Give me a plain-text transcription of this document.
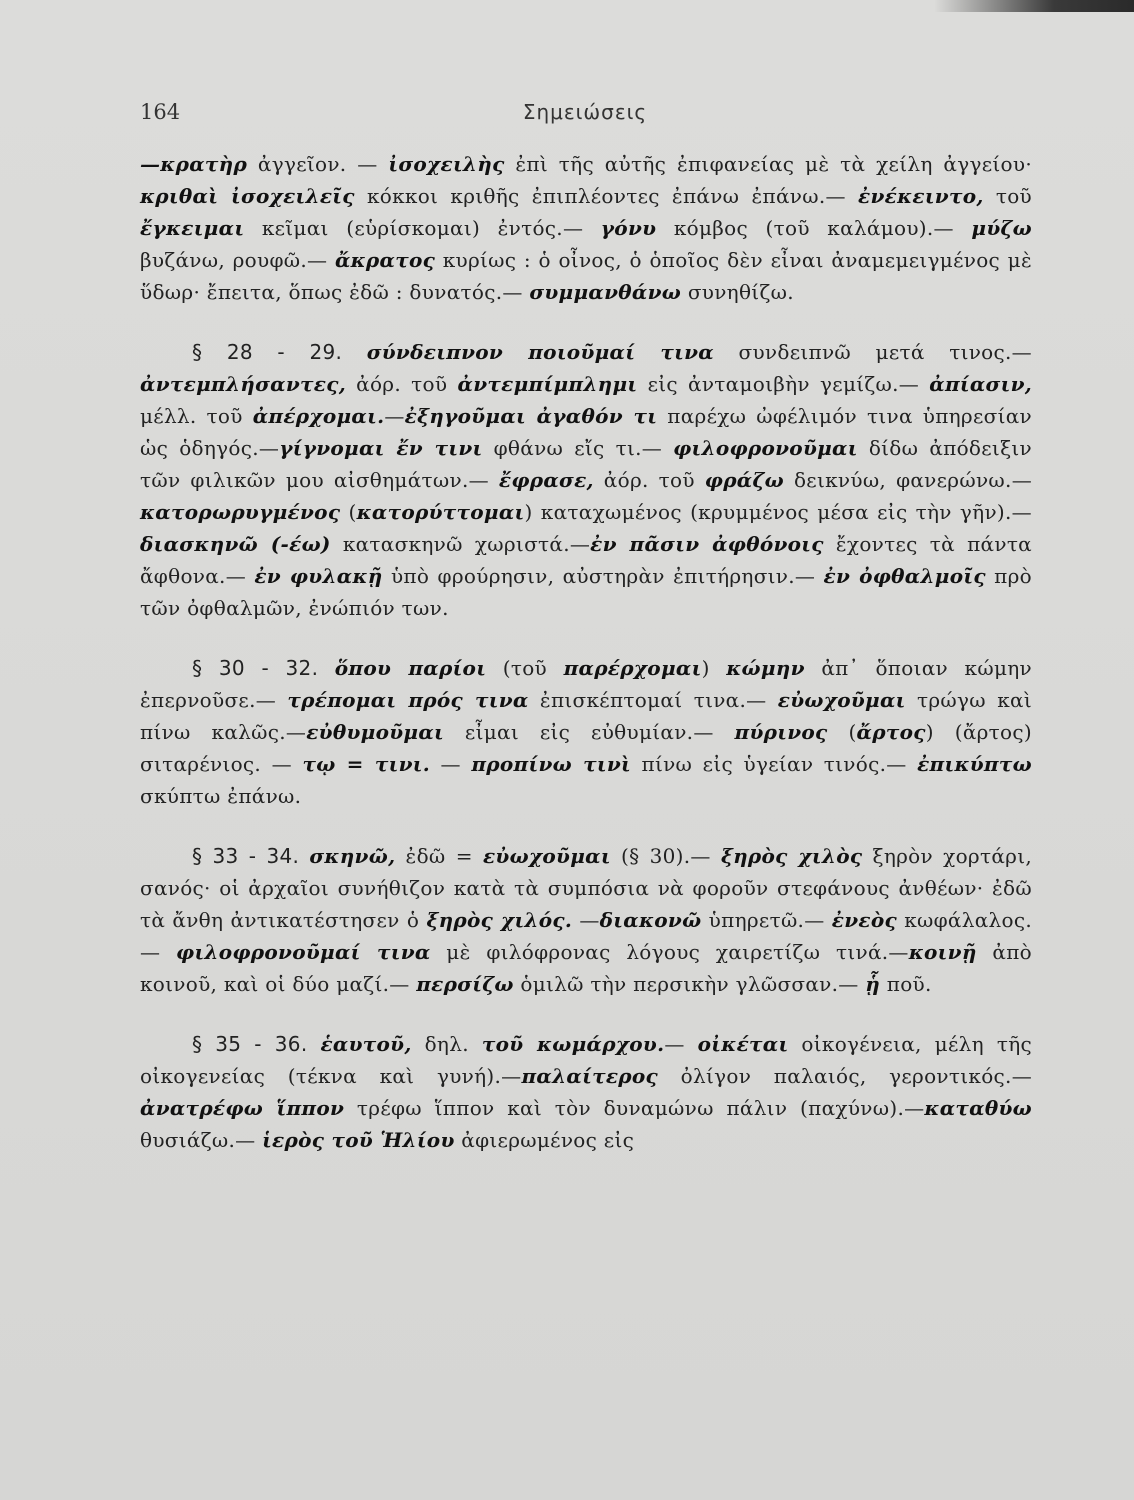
164	Σημειώσεις

—κρατὴρ ἀγγεῖον. — ἰσοχειλὴς ἐπὶ τῆς αὐτῆς ἐπιφανείας μὲ τὰ χείλη ἀγγείου· κριθαὶ ἰσοχειλεῖς κόκκοι κριθῆς ἐπιπλέοντες ἐπάνω ἐπάνω.— ἐνέκειντο, τοῦ ἔγκειμαι κεῖμαι (εὑρίσκομαι) ἐντός.— γόνυ κόμβος (τοῦ καλάμου).— μύζω βυζάνω, ρουφῶ.— ἄκρατος κυρίως : ὁ οἶνος, ὁ ὁποῖος δὲν εἶναι ἀναμεμειγμένος μὲ ὕδωρ· ἔπειτα, ὅπως ἐδῶ : δυνατός.— συμμανθάνω συνηθίζω.

§ 28 - 29. σύνδειπνον ποιοῦμαί τινα συνδειπνῶ μετά τινος.— ἀντεμπλήσαντες, ἀόρ. τοῦ ἀντεμπίμπλημι εἰς ἀνταμοιβὴν γεμίζω.— ἀπίασιν, μέλλ. τοῦ ἀπέρχομαι.—ἐξηγοῦμαι ἀγαθόν τι παρέχω ὠφέλιμόν τινα ὑπηρεσίαν ὡς ὁδηγός.—γίγνομαι ἔν τινι φθάνω εἴς τι.— φιλοφρονοῦμαι δίδω ἀπόδειξιν τῶν φιλικῶν μου αἰσθημάτων.— ἔφρασε, ἀόρ. τοῦ φράζω δεικνύω, φανερώνω.— κατορωρυγμένος (κατορύττομαι) καταχωμένος (κρυμμένος μέσα εἰς τὴν γῆν).—διασκηνῶ (-έω) κατασκηνῶ χωριστά.—ἐν πᾶσιν ἀφθόνοις ἔχοντες τὰ πάντα ἄφθονα.— ἐν φυλακῇ ὑπὸ φρούρησιν, αὐστηρὰν ἐπιτήρησιν.— ἐν ὀφθαλμοῖς πρὸ τῶν ὀφθαλμῶν, ἐνώπιόν των.

§ 30 - 32. ὅπου παρίοι (τοῦ παρέρχομαι) κώμην ἀπ᾿ ὅποιαν κώμην ἐπερνοῦσε.— τρέπομαι πρός τινα ἐπισκέπτομαί τινα.— εὐωχοῦμαι τρώγω καὶ πίνω καλῶς.—εὐθυμοῦμαι εἶμαι εἰς εὐθυμίαν.— πύρινος (ἄρτος) (ἄρτος) σιταρένιος. — τῳ = τινι. — προπίνω τινὶ πίνω εἰς ὑγείαν τινός.— ἐπικύπτω σκύπτω ἐπάνω.

§ 33 - 34. σκηνῶ, ἐδῶ = εὐωχοῦμαι (§ 30).— ξηρὸς χιλὸς ξηρὸν χορτάρι, σανός· οἱ ἀρχαῖοι συνήθιζον κατὰ τὰ συμπόσια νὰ φοροῦν στεφάνους ἀνθέων· ἐδῶ τὰ ἄνθη ἀντικατέστησεν ὁ ξηρὸς χιλός. —διακονῶ ὑπηρετῶ.— ἐνεὸς κωφάλαλος.— φιλοφρονοῦμαί τινα μὲ φιλόφρονας λόγους χαιρετίζω τινά.—κοινῇ ἀπὸ κοινοῦ, καὶ οἱ δύο μαζί.— περσίζω ὁμιλῶ τὴν περσικὴν γλῶσσαν.— ᾗ ποῦ.

§ 35 - 36. ἑαυτοῦ, δηλ. τοῦ κωμάρχου.— οἰκέται οἰκογένεια, μέλη τῆς οἰκογενείας (τέκνα καὶ γυνή).—παλαίτερος ὀλίγον παλαιός, γεροντικός.—ἀνατρέφω ἵππον τρέφω ἵππον καὶ τὸν δυναμώνω πάλιν (παχύνω).—καταθύω θυσιάζω.— ἱερὸς τοῦ Ἡλίου ἀφιερωμένος εἰς
